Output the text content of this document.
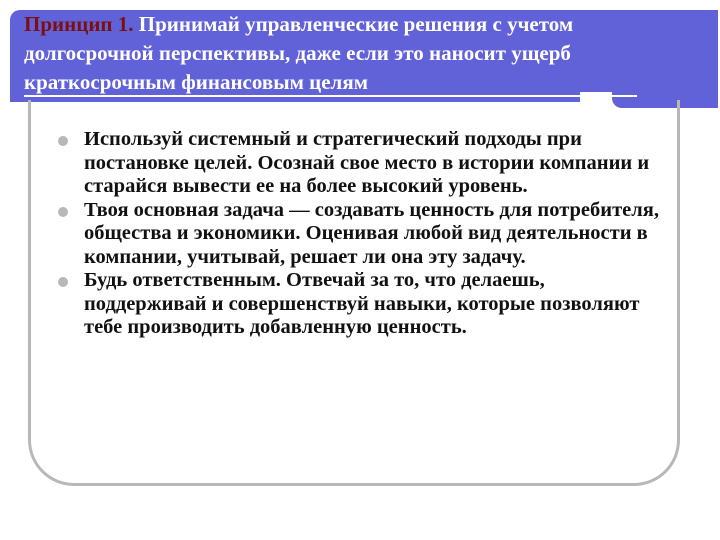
Принцип 1. Принимай управленческие решения с учетом долгосрочной перспективы, даже если это наносит ущерб краткосрочным финансовым целям
Используй системный и стратегический подходы при постановке целей. Осознай свое место в истории компании и старайся вывести ее на более высокий уровень.
Твоя основная задача — создавать ценность для потребителя, общества и экономики. Оценивая любой вид деятельности в компании, учитывай, решает ли она эту задачу.
Будь ответственным. Отвечай за то, что делаешь, поддерживай и совершенствуй навыки, которые позволяют тебе производить добавленную ценность.
